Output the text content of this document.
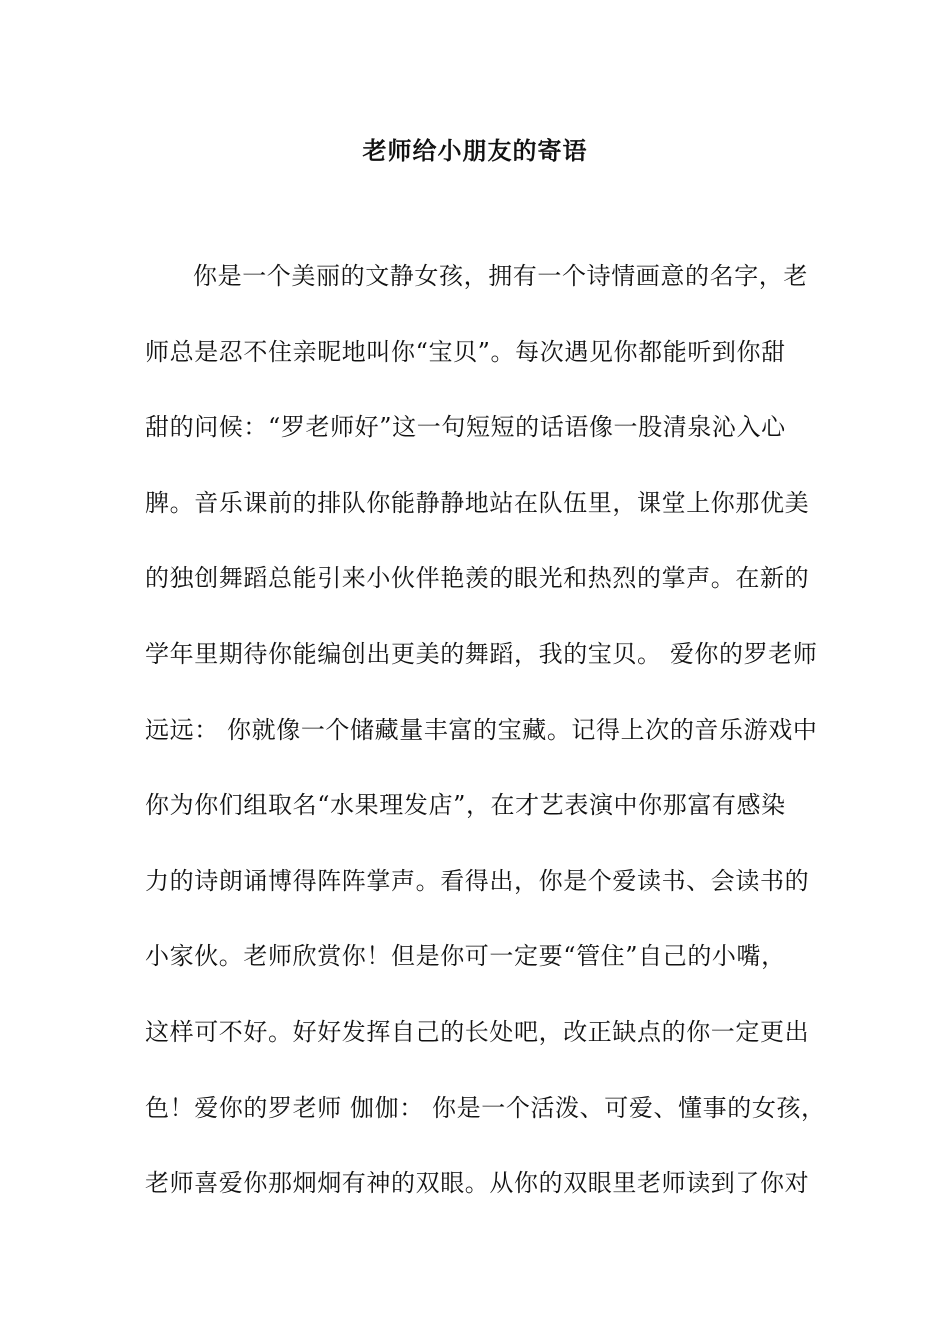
老师给小朋友的寄语
你是一个美丽的文静女孩，拥有一个诗情画意的名字，老
师总是忍不住亲昵地叫你“宝贝”。每次遇见你都能听到你甜
甜的问候：“罗老师好”这一句短短的话语像一股清泉沁入心
脾。音乐课前的排队你能静静地站在队伍里，课堂上你那优美
的独创舞蹈总能引来小伙伴艳羡的眼光和热烈的掌声。在新的
学年里期待你能编创出更美的舞蹈，我的宝贝。 爱你的罗老师
远远： 你就像一个储藏量丰富的宝藏。记得上次的音乐游戏中
你为你们组取名“水果理发店”，在才艺表演中你那富有感染
力的诗朗诵博得阵阵掌声。看得出，你是个爱读书、会读书的
小家伙。老师欣赏你！但是你可一定要“管住”自己的小嘴，
这样可不好。好好发挥自己的长处吧，改正缺点的你一定更出
色！爱你的罗老师 伽伽： 你是一个活泼、可爱、懂事的女孩，
老师喜爱你那炯炯有神的双眼。从你的双眼里老师读到了你对
